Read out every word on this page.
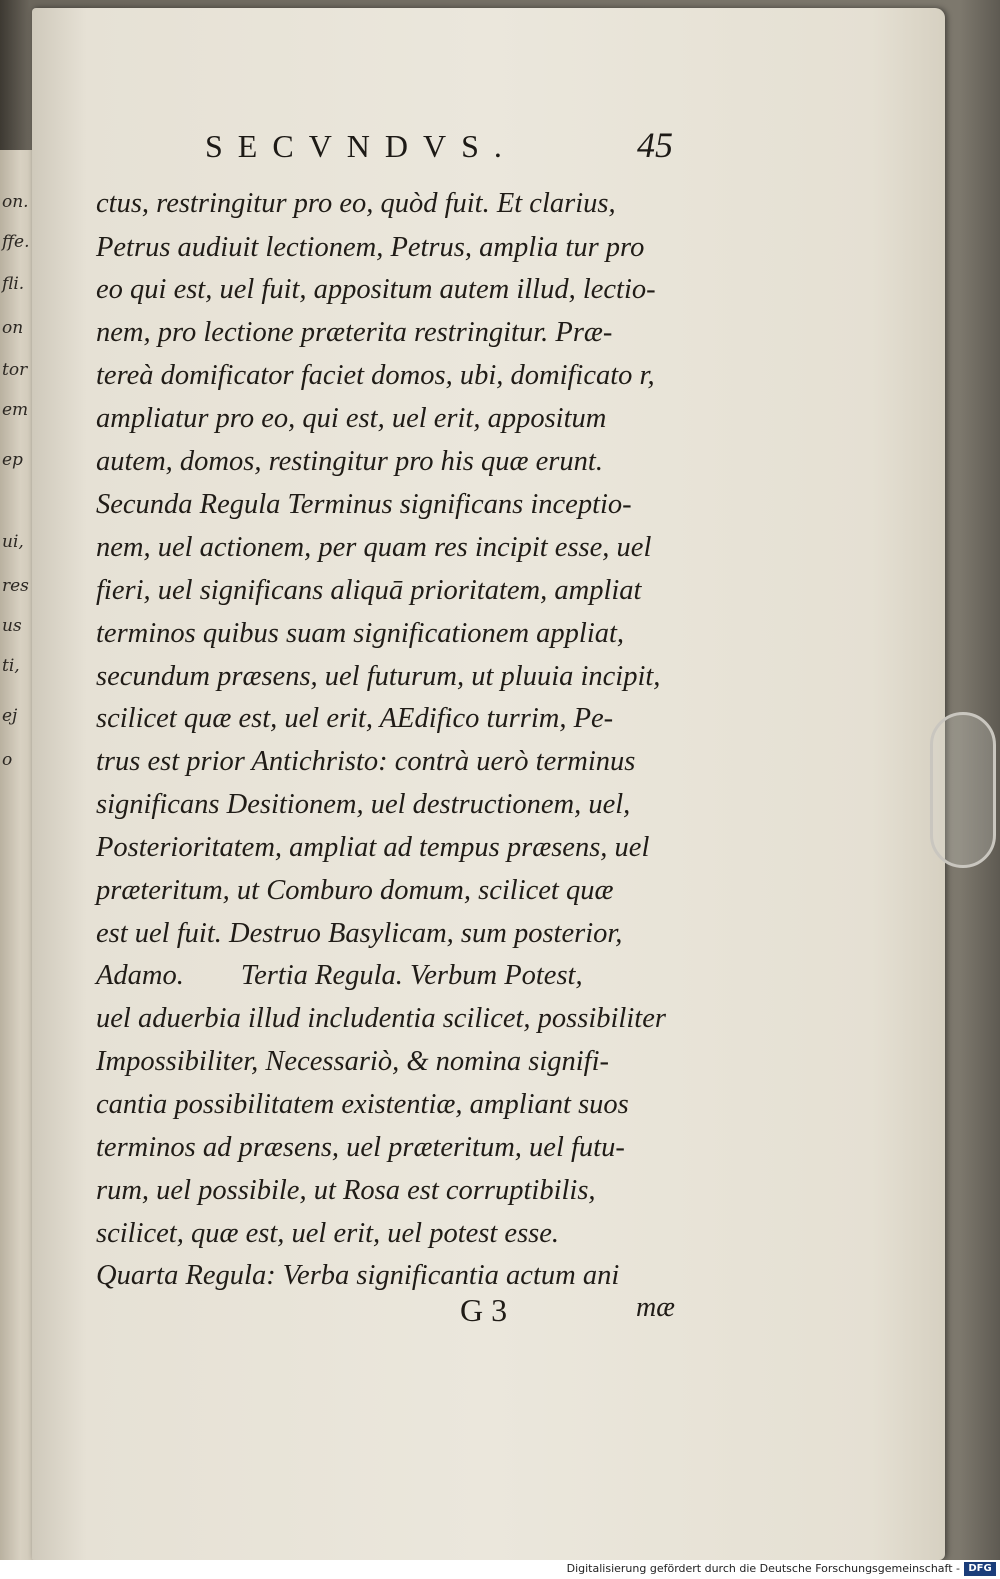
on.
ffe.
fli.
on
tor
em
ep
ui,
res
us
ti,
ej
o
SECVNDVS.	45
ctus, restringitur pro eo, quòd fuit. Et clarius,
Petrus audiuit lectionem, Petrus, amplia tur pro
eo qui est, uel fuit, appositum autem illud, lectio-
nem, pro lectione præterita restringitur. Præ-
tereà domificator faciet domos, ubi, domificato r,
ampliatur pro eo, qui est, uel erit, appositum
autem, domos, restingitur pro his quæ erunt.
Secunda Regula Terminus significans inceptio-
nem, uel actionem, per quam res incipit esse, uel
fieri, uel significans aliquā prioritatem, ampliat
terminos quibus suam significationem appliat,
secundum præsens, uel futurum, ut pluuia incipit,
scilicet quæ est, uel erit, AEdifico turrim, Pe-
trus est prior Antichristo: contrà uerò terminus
significans Desitionem, uel destructionem, uel,
Posterioritatem, ampliat ad tempus præsens, uel
præteritum, ut Comburo domum, scilicet quæ
est uel fuit. Destruo Basylicam, sum posterior,
Adamo.        Tertia Regula. Verbum Potest,
uel aduerbia illud includentia scilicet, possibiliter
Impossibiliter, Necessariò, & nomina signifi-
cantia possibilitatem existentiæ, ampliant suos
terminos ad præsens, uel præteritum, uel futu-
rum, uel possibile, ut Rosa est corruptibilis,
scilicet, quæ est, uel erit, uel potest esse.
Quarta Regula: Verba significantia actum ani
G 3	mæ
Digitalisierung gefördert durch die Deutsche Forschungsgemeinschaft - DFG
